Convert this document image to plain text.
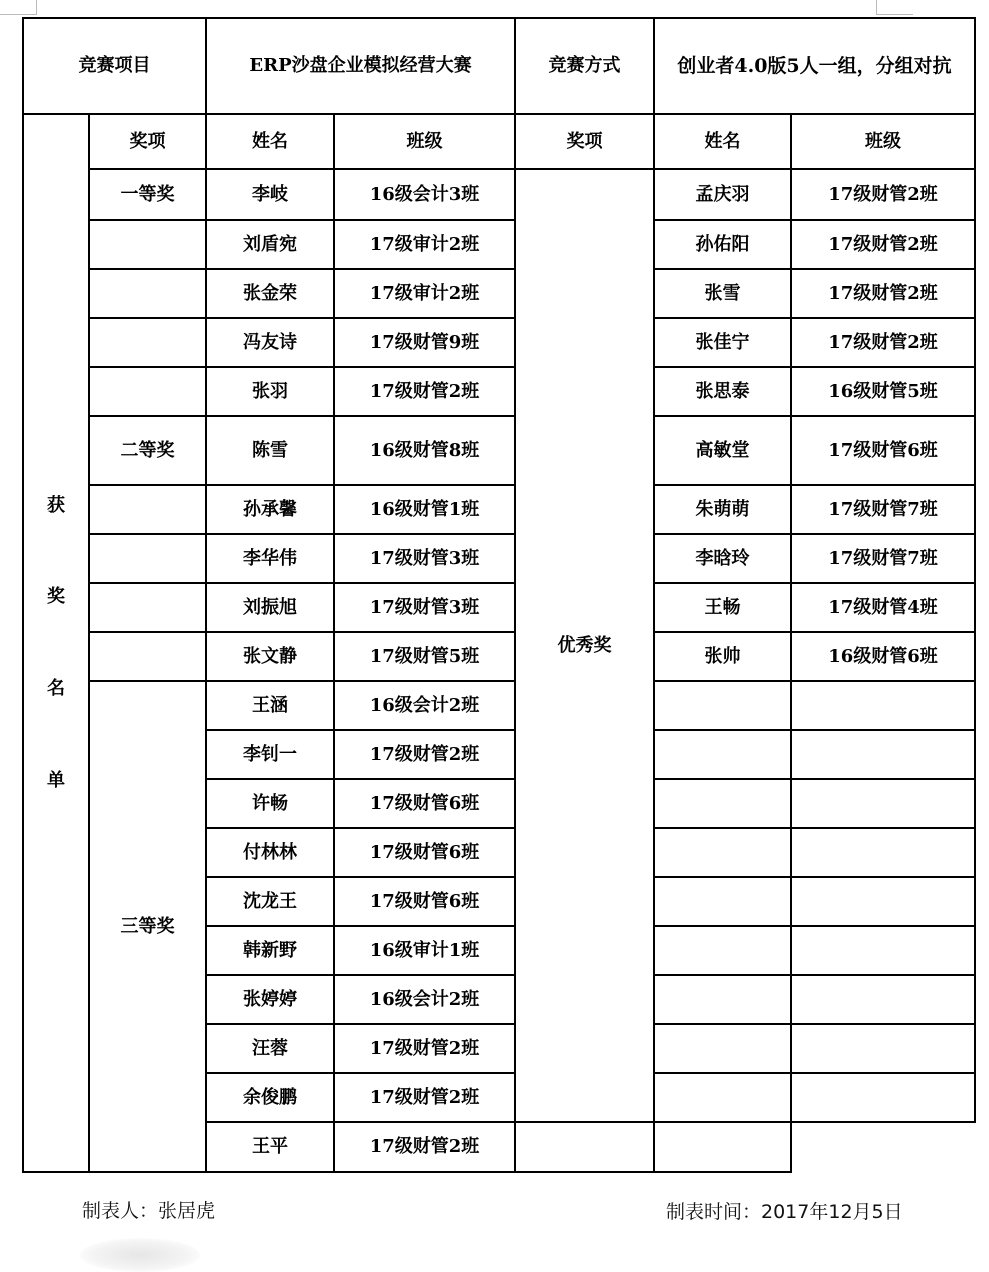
竞赛项目		ERP沙盘企业模拟经营大赛		竞赛方式	创业者4.0版5人一组，分组对抗	

获
奖
名
单	奖项	姓名	班级	奖项	姓名	班级
	一等奖	李岐	16级会计3班	优秀奖	孟庆羽	17级财管2班
		刘盾宛	17级审计2班		孙佑阳	17级财管2班
		张金荣	17级审计2班		张雪	17级财管2班
		冯友诗	17级财管9班		张佳宁	17级财管2班
		张羽	17级财管2班		张思泰	16级财管5班
	二等奖	陈雪	16级财管8班		高敏堂	17级财管6班
		孙承馨	16级财管1班		朱萌萌	17级财管7班
		李华伟	17级财管3班		李晗玲	17级财管7班
		刘振旭	17级财管3班		王畅	17级财管4班
		张文静	17级财管5班		张帅	16级财管6班
	三等奖	王涵	16级会计2班			
		李钊一	17级财管2班			
		许畅	17级财管6班			
		付林林	17级财管6班			
		沈龙王	17级财管6班			
		韩新野	16级审计1班			
		张婷婷	16级会计2班			
		汪蓉	17级财管2班			
		余俊鹏	17级财管2班			
		王平	17级财管2班			
制表人：张居虎	制表时间：2017年12月5日
